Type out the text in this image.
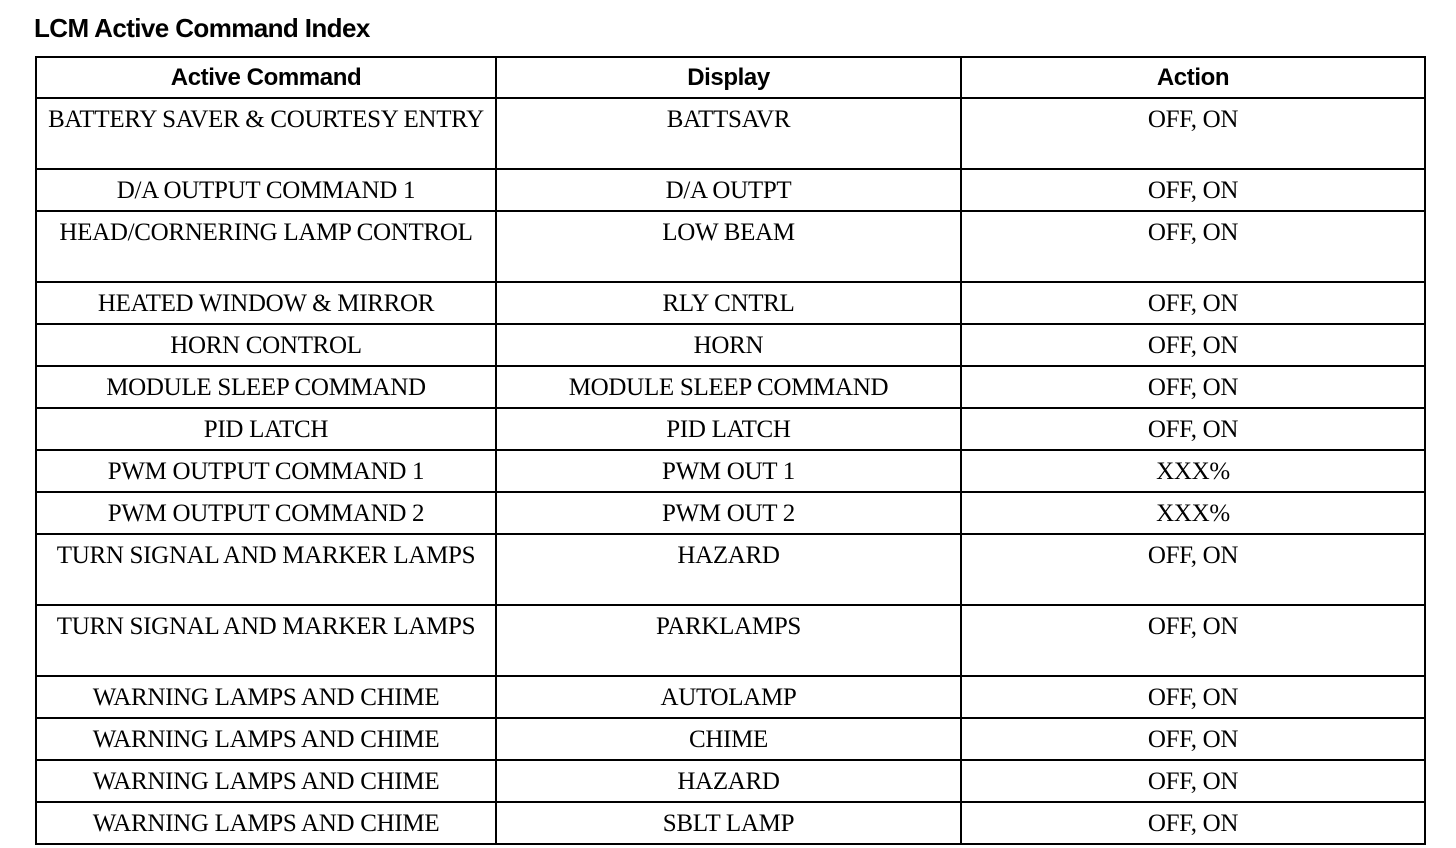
LCM Active Command Index
Active Command	Display	Action
BATTERY SAVER & COURTESY ENTRY	BATTSAVR	OFF, ON
D/A OUTPUT COMMAND 1	D/A OUTPT	OFF, ON
HEAD/CORNERING LAMP CONTROL	LOW BEAM	OFF, ON
HEATED WINDOW & MIRROR	RLY CNTRL	OFF, ON
HORN CONTROL	HORN	OFF, ON
MODULE SLEEP COMMAND	MODULE SLEEP COMMAND	OFF, ON
PID LATCH	PID LATCH	OFF, ON
PWM OUTPUT COMMAND 1	PWM OUT 1	XXX%
PWM OUTPUT COMMAND 2	PWM OUT 2	XXX%
TURN SIGNAL AND MARKER LAMPS	HAZARD	OFF, ON
TURN SIGNAL AND MARKER LAMPS	PARKLAMPS	OFF, ON
WARNING LAMPS AND CHIME	AUTOLAMP	OFF, ON
WARNING LAMPS AND CHIME	CHIME	OFF, ON
WARNING LAMPS AND CHIME	HAZARD	OFF, ON
WARNING LAMPS AND CHIME	SBLT LAMP	OFF, ON
